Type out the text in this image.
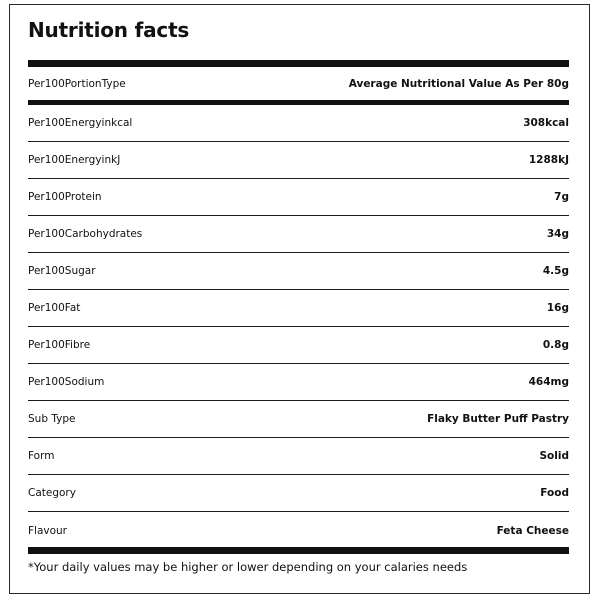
Nutrition facts
Per100PortionType	Average Nutritional Value As Per 80g
Per100Energyinkcal	308kcal
Per100EnergyinkJ	1288kJ
Per100Protein	7g
Per100Carbohydrates	34g
Per100Sugar	4.5g
Per100Fat	16g
Per100Fibre	0.8g
Per100Sodium	464mg
Sub Type	Flaky Butter Puff Pastry
Form	Solid
Category	Food
Flavour	Feta Cheese
*Your daily values may be higher or lower depending on your calaries needs
